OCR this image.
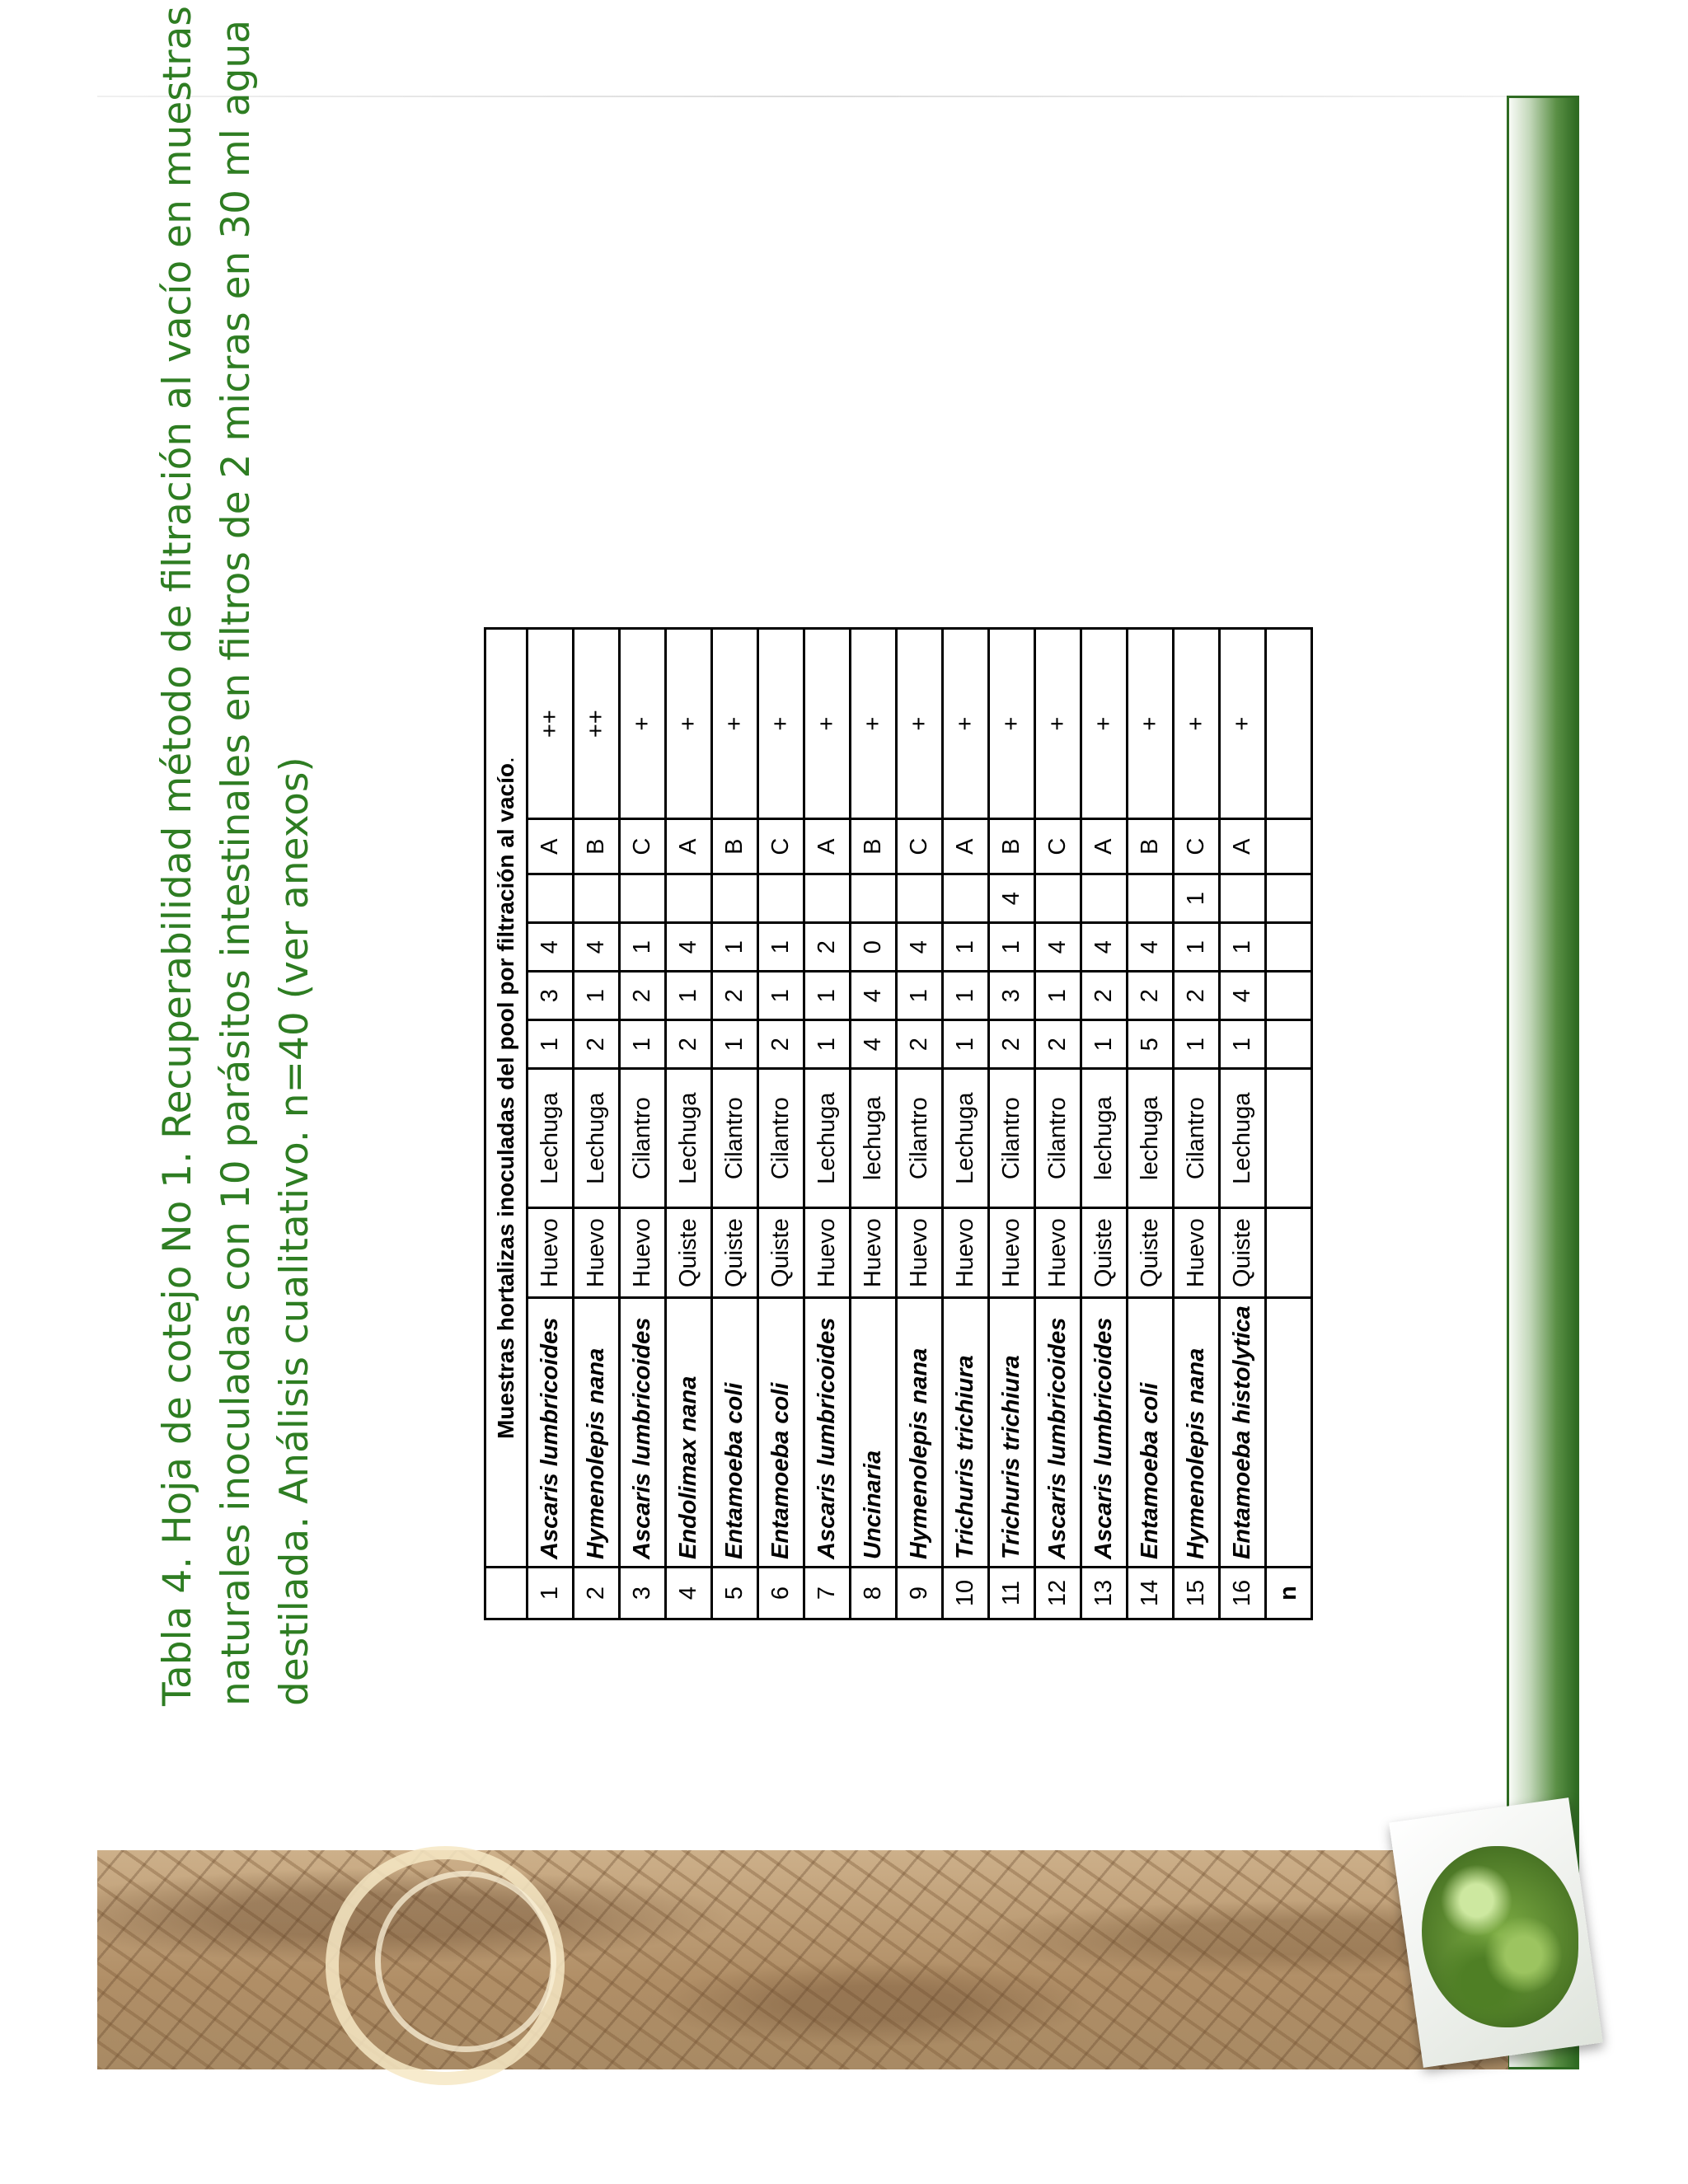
Tabla 4. Hoja de cotejo No 1. Recuperabilidad método de filtración al vacío en muestras naturales inoculadas con 10 parásitos intestinales en filtros de 2 micras en 30 ml agua destilada. Análisis cualitativo. n=40 (ver anexos)

		Muestras hortalizas inoculadas del pool por filtración al vacío.								
1	Ascaris lumbricoides	Huevo	Lechuga	1	3	4		A	++
2	Hymenolepis nana	Huevo	Lechuga	2	1	4		B	++
3	Ascaris lumbricoides	Huevo	Cilantro	1	2	1		C	+
4	Endolimax nana	Quiste	Lechuga	2	1	4		A	+
5	Entamoeba coli	Quiste	Cilantro	1	2	1		B	+
6	Entamoeba coli	Quiste	Cilantro	2	1	1		C	+
7	Ascaris lumbricoides	Huevo	Lechuga	1	1	2		A	+
8	Uncinaria	Huevo	lechuga	4	4	0		B	+
9	Hymenolepis nana	Huevo	Cilantro	2	1	4		C	+
10	Trichuris trichiura	Huevo	Lechuga	1	1	1		A	+
11	Trichuris trichiura	Huevo	Cilantro	2	3	1	4	B	+
12	Ascaris lumbricoides	Huevo	Cilantro	2	1	4		C	+
13	Ascaris lumbricoides	Quiste	lechuga	1	2	4		A	+
14	Entamoeba coli	Quiste	lechuga	5	2	4		B	+
15	Hymenolepis nana	Huevo	Cilantro	1	2	1	1	C	+
16	Entamoeba histolytica	Quiste	Lechuga	1	4	1		A	+
n									
